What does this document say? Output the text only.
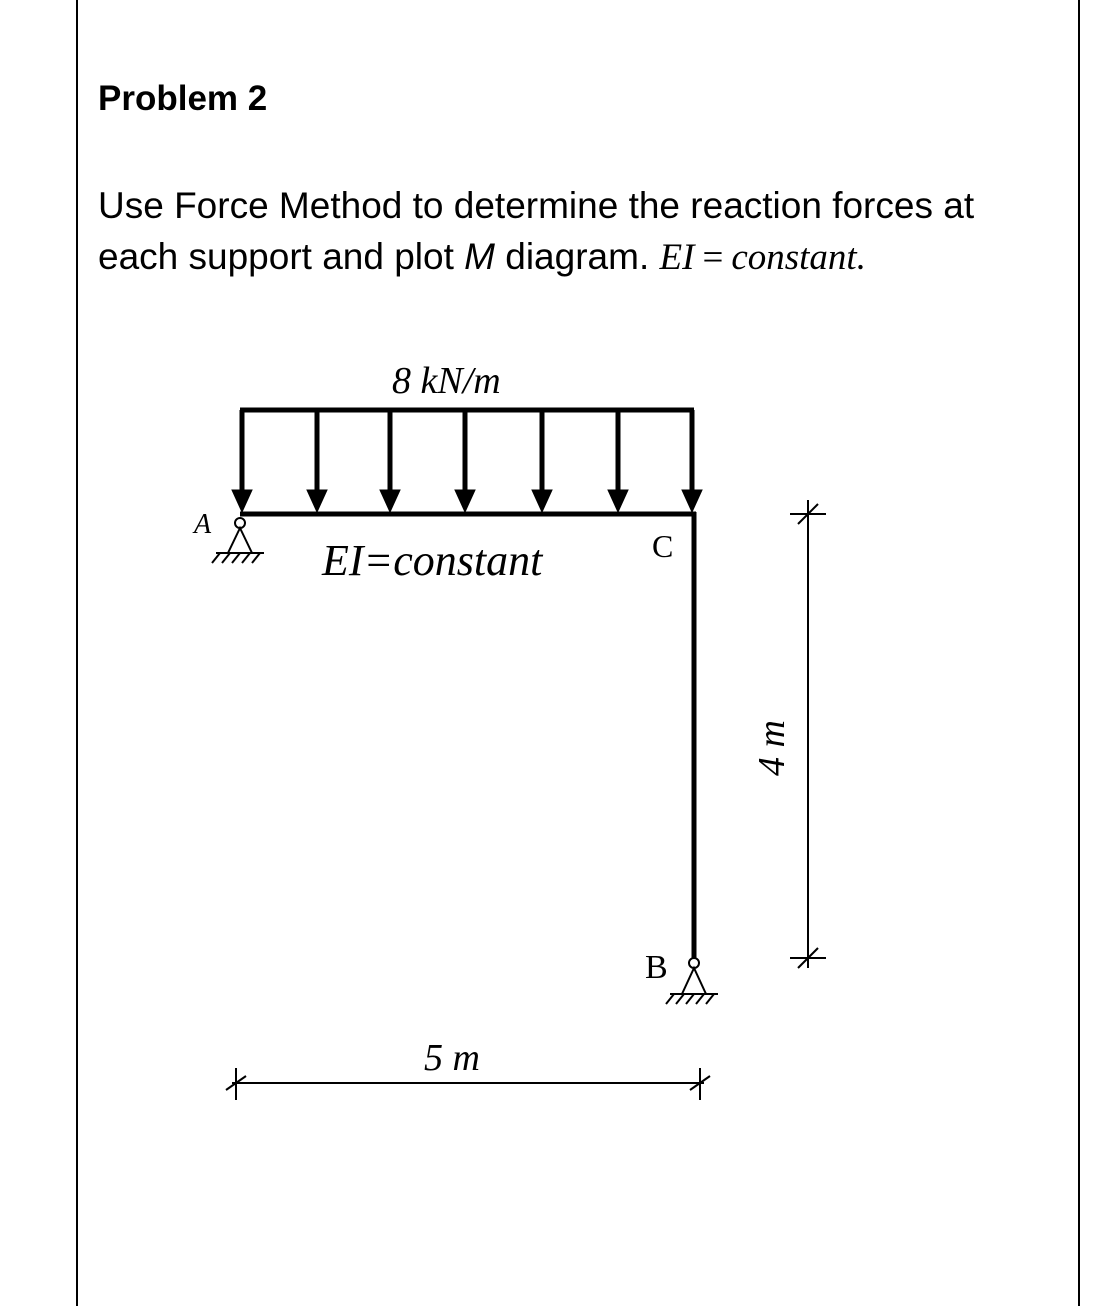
Problem 2
Use Force Method to determine the reaction forces at
each support and plot M diagram. EI = constant.
8 kN/m
A
B
C
EI=constant
5 m
4 m
